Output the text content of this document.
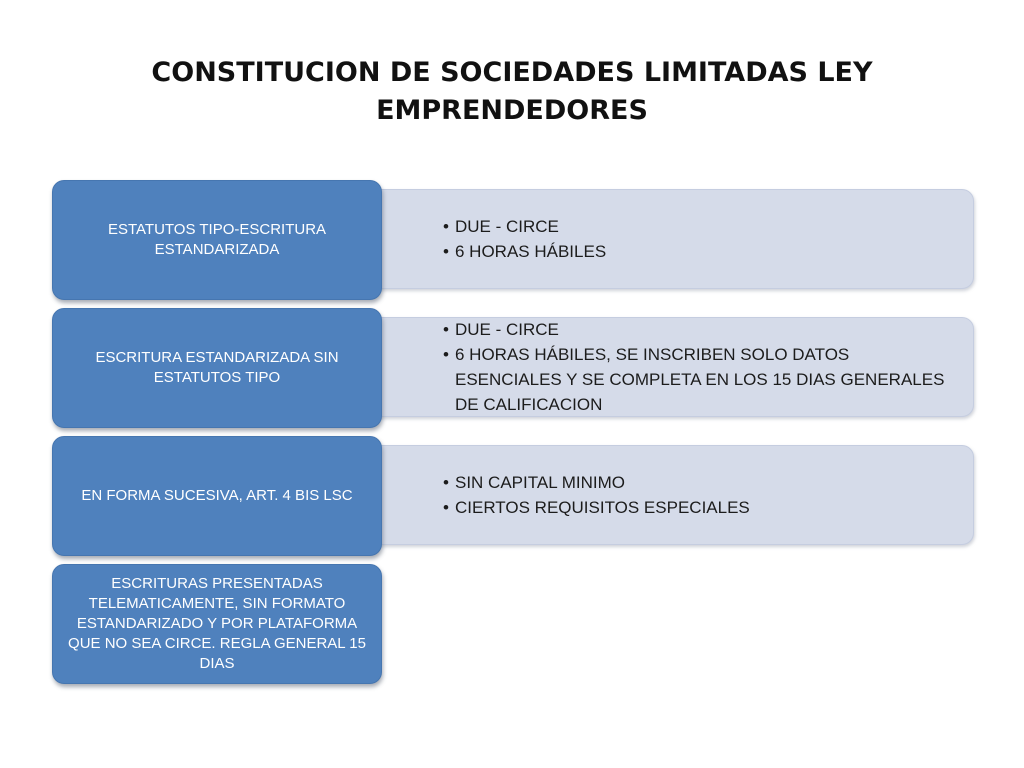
CONSTITUCION DE SOCIEDADES LIMITADAS LEY EMPRENDEDORES
• DUE - CIRCE
• 6 HORAS HÁBILES
ESTATUTOS TIPO-ESCRITURA ESTANDARIZADA
• DUE - CIRCE
• 6 HORAS HÁBILES, SE INSCRIBEN SOLO DATOS ESENCIALES Y SE COMPLETA EN LOS 15 DIAS GENERALES DE CALIFICACION
ESCRITURA ESTANDARIZADA SIN ESTATUTOS TIPO
• SIN CAPITAL MINIMO
• CIERTOS REQUISITOS ESPECIALES
EN FORMA SUCESIVA, ART. 4 BIS LSC
ESCRITURAS PRESENTADAS TELEMATICAMENTE, SIN FORMATO ESTANDARIZADO Y POR PLATAFORMA QUE NO SEA CIRCE. REGLA GENERAL 15 DIAS
